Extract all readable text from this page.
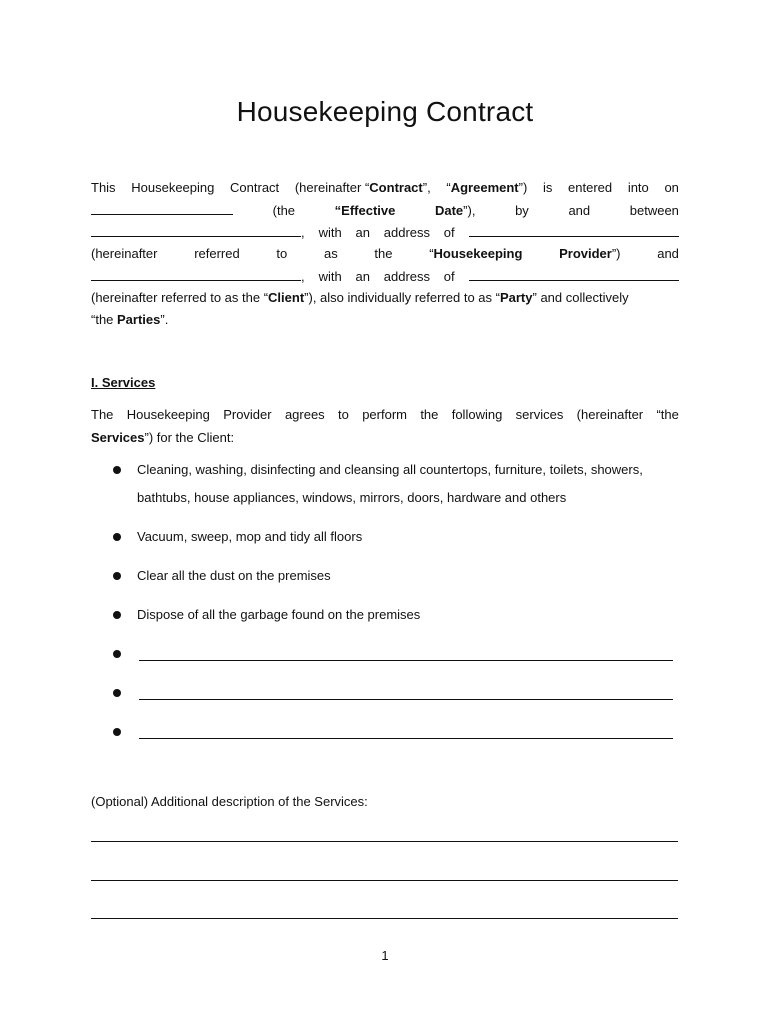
Housekeeping Contract
This Housekeeping Contract (hereinafter “Contract”, “Agreement”) is entered into on
(the	“Effective	Date”),	by	and	between
, with an address of
(hereinafter	referred	to	as	the	“Housekeeping	Provider”)	and
, with an address of
(hereinafter referred to as the “Client”), also individually referred to as “Party” and collectively
“the Parties”.
I. Services
The Housekeeping Provider agrees to perform the following services (hereinafter “the
Services”) for the Client:
Cleaning, washing, disinfecting and cleansing all countertops, furniture, toilets, showers,
bathtubs, house appliances, windows, mirrors, doors, hardware and others
Vacuum, sweep, mop and tidy all floors
Clear all the dust on the premises
Dispose of all the garbage found on the premises
(Optional) Additional description of the Services:
1
